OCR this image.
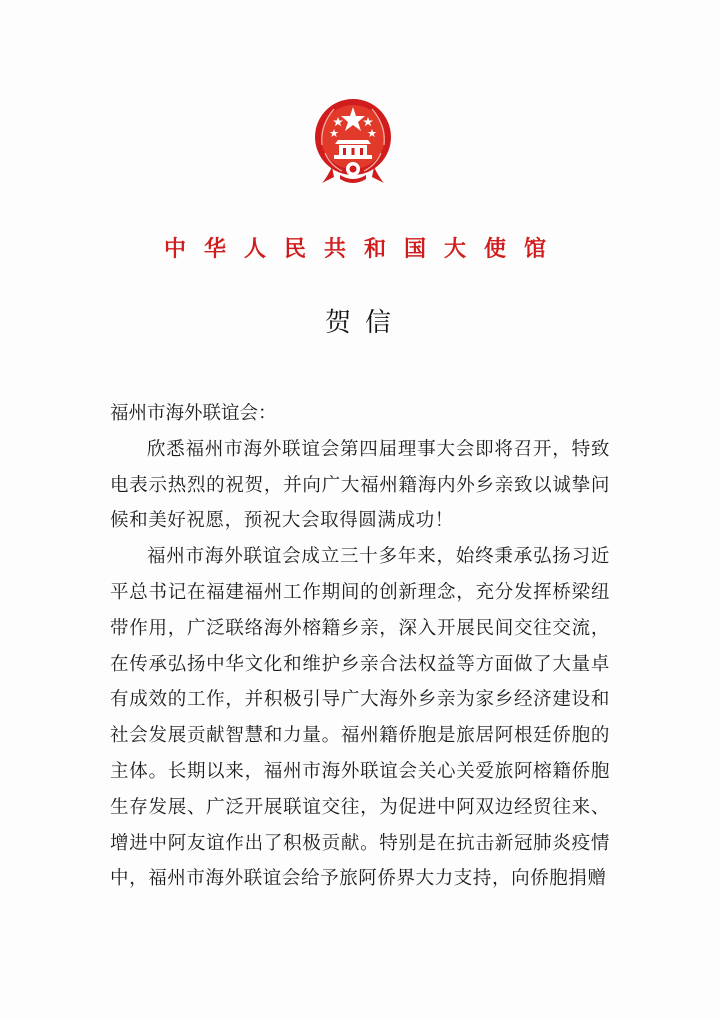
中华人民共和国大使馆
贺信

福州市海外联谊会：

欣悉福州市海外联谊会第四届理事大会即将召开，特致电表示热烈的祝贺，并向广大福州籍海内外乡亲致以诚挚问候和美好祝愿，预祝大会取得圆满成功！

福州市海外联谊会成立三十多年来，始终秉承弘扬习近平总书记在福建福州工作期间的创新理念，充分发挥桥梁纽带作用，广泛联络海外榕籍乡亲，深入开展民间交往交流，在传承弘扬中华文化和维护乡亲合法权益等方面做了大量卓有成效的工作，并积极引导广大海外乡亲为家乡经济建设和社会发展贡献智慧和力量。福州籍侨胞是旅居阿根廷侨胞的主体。长期以来，福州市海外联谊会关心关爱旅阿榕籍侨胞生存发展、广泛开展联谊交往，为促进中阿双边经贸往来、增进中阿友谊作出了积极贡献。特别是在抗击新冠肺炎疫情中，福州市海外联谊会给予旅阿侨界大力支持，向侨胞捐赠
